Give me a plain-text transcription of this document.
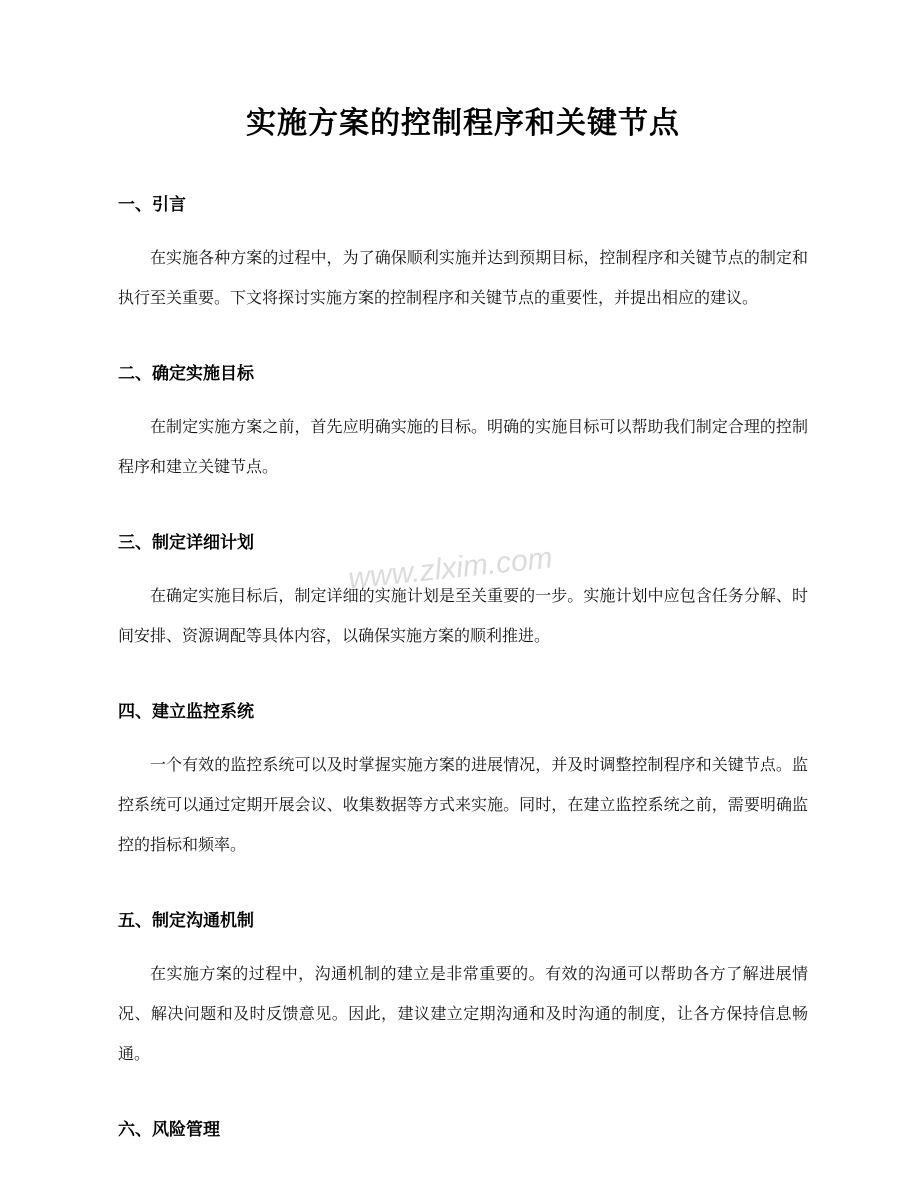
www.zlxim.com
实施方案的控制程序和关键节点
一、引言

在实施各种方案的过程中，为了确保顺利实施并达到预期目标，控制程序和关键节点的制定和执行至关重要。下文将探讨实施方案的控制程序和关键节点的重要性，并提出相应的建议。

二、确定实施目标

在制定实施方案之前，首先应明确实施的目标。明确的实施目标可以帮助我们制定合理的控制程序和建立关键节点。

三、制定详细计划

在确定实施目标后，制定详细的实施计划是至关重要的一步。实施计划中应包含任务分解、时间安排、资源调配等具体内容，以确保实施方案的顺利推进。

四、建立监控系统

一个有效的监控系统可以及时掌握实施方案的进展情况，并及时调整控制程序和关键节点。监控系统可以通过定期开展会议、收集数据等方式来实施。同时，在建立监控系统之前，需要明确监控的指标和频率。

五、制定沟通机制

在实施方案的过程中，沟通机制的建立是非常重要的。有效的沟通可以帮助各方了解进展情况、解决问题和及时反馈意见。因此，建议建立定期沟通和及时沟通的制度，让各方保持信息畅通。

六、风险管理
